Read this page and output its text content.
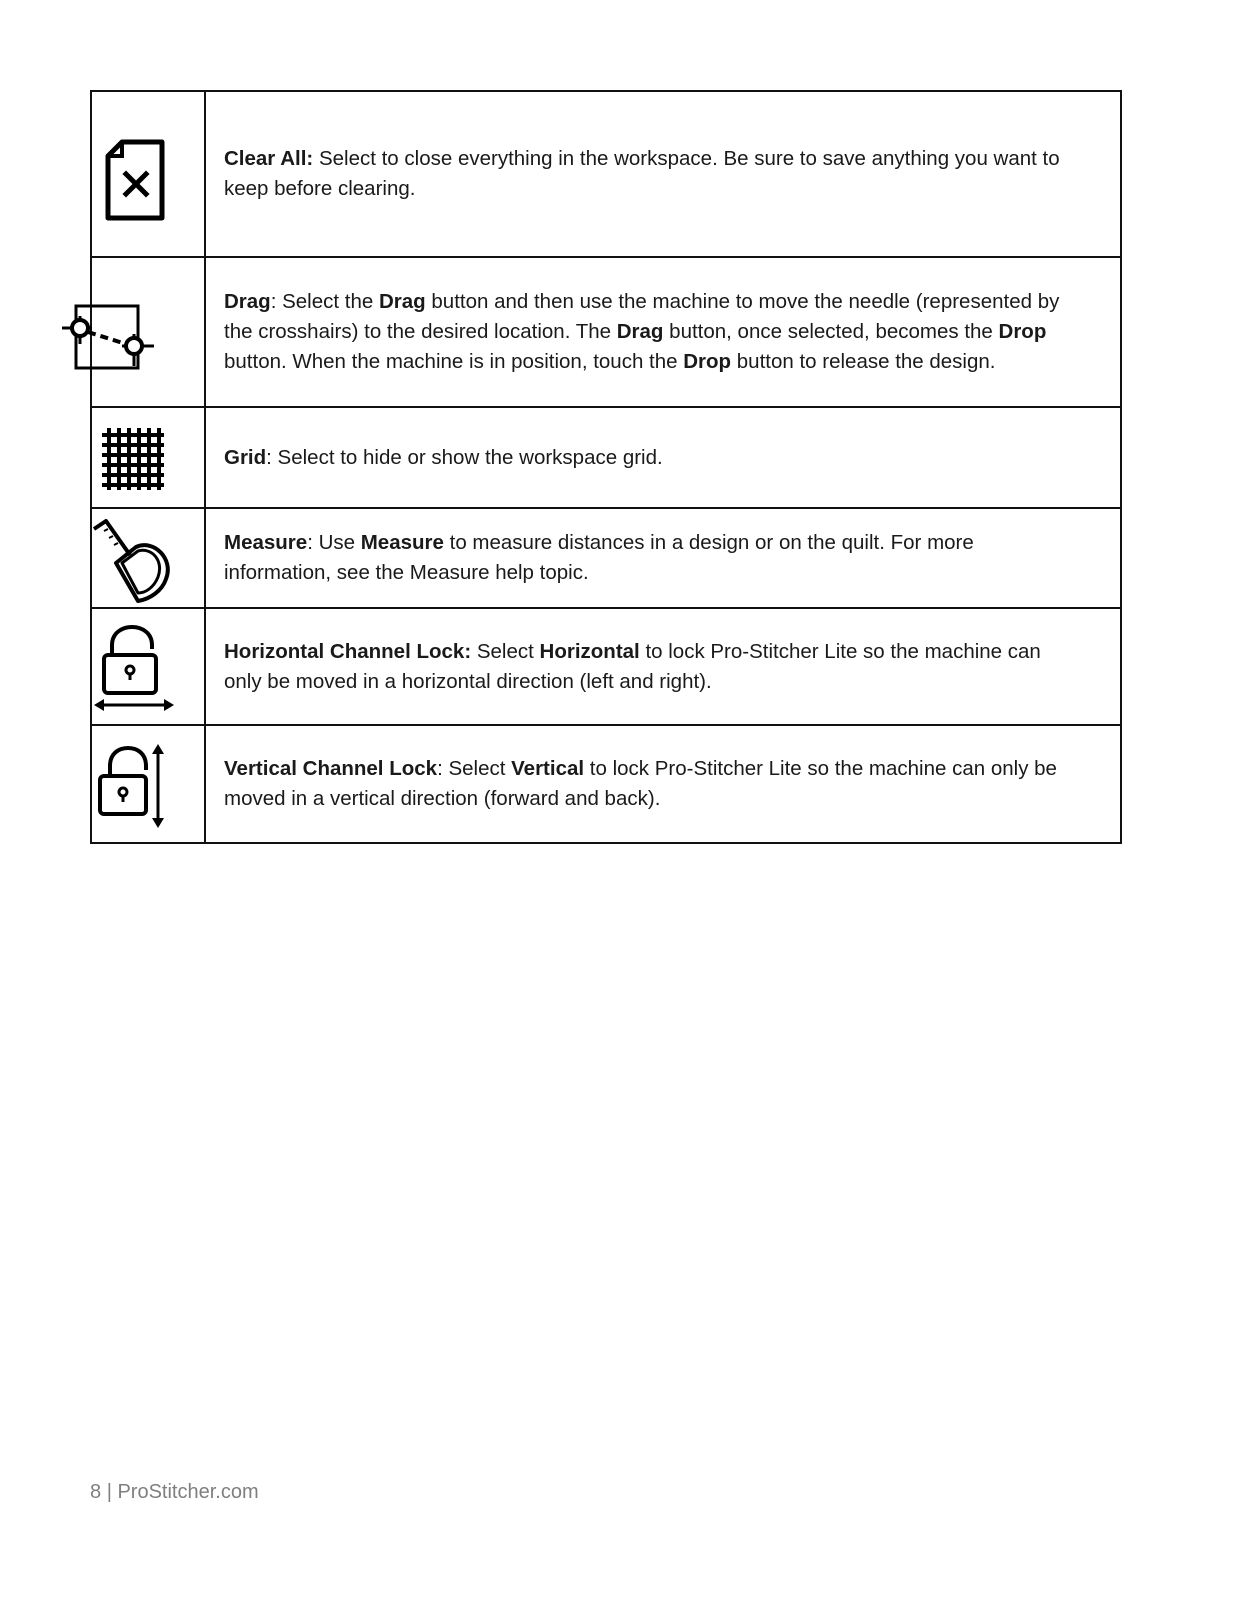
Clear All: Select to close everything in the workspace. Be sure to save anything you want to keep before clearing.

Drag: Select the Drag button and then use the machine to move the needle (represented by the crosshairs) to the desired location. The Drag button, once selected, becomes the Drop button. When the machine is in position, touch the Drop button to release the design.

Grid: Select to hide or show the workspace grid.

Measure: Use Measure to measure distances in a design or on the quilt. For more information, see the Measure help topic.

Horizontal Channel Lock: Select Horizontal to lock Pro-Stitcher Lite so the machine can only be moved in a horizontal direction (left and right).

Vertical Channel Lock: Select Vertical to lock Pro-Stitcher Lite so the machine can only be moved in a vertical direction (forward and back).
8 | ProStitcher.com
